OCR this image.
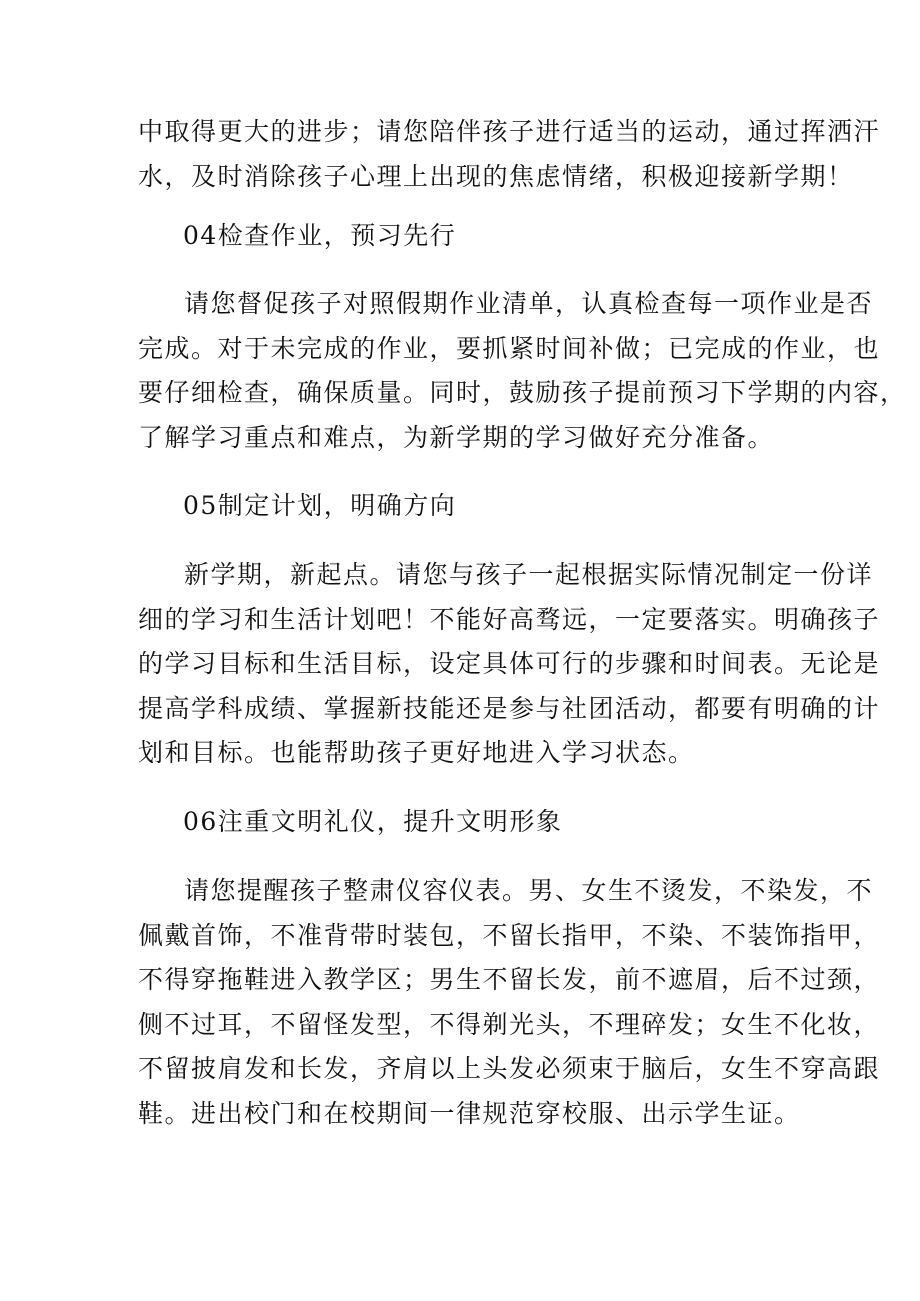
中取得更大的进步；请您陪伴孩子进行适当的运动，通过挥洒汗
水，及时消除孩子心理上出现的焦虑情绪，积极迎接新学期！

04检查作业，预习先行

请您督促孩子对照假期作业清单，认真检查每一项作业是否
完成。对于未完成的作业，要抓紧时间补做；已完成的作业，也
要仔细检查，确保质量。同时，鼓励孩子提前预习下学期的内容，
了解学习重点和难点，为新学期的学习做好充分准备。

05制定计划，明确方向

新学期，新起点。请您与孩子一起根据实际情况制定一份详
细的学习和生活计划吧！不能好高骛远，一定要落实。明确孩子
的学习目标和生活目标，设定具体可行的步骤和时间表。无论是
提高学科成绩、掌握新技能还是参与社团活动，都要有明确的计
划和目标。也能帮助孩子更好地进入学习状态。

06注重文明礼仪，提升文明形象

请您提醒孩子整肃仪容仪表。男、女生不烫发，不染发，不
佩戴首饰，不准背带时装包，不留长指甲，不染、不装饰指甲，
不得穿拖鞋进入教学区；男生不留长发，前不遮眉，后不过颈，
侧不过耳，不留怪发型，不得剃光头，不理碎发；女生不化妆，
不留披肩发和长发，齐肩以上头发必须束于脑后，女生不穿高跟
鞋。进出校门和在校期间一律规范穿校服、出示学生证。
